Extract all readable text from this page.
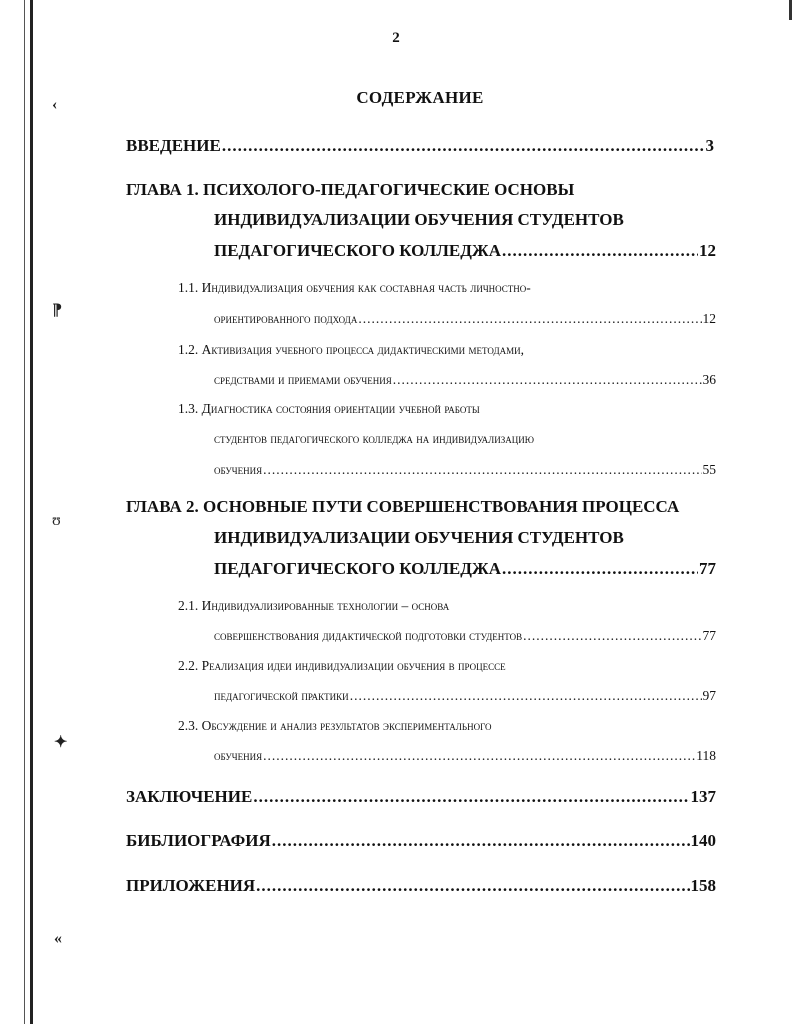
‹
⁋
ʊ
✦
«
2
СОДЕРЖАНИЕ
ВВЕДЕНИЕ .....	3
ГЛАВА 1. ПСИХОЛОГО-ПЕДАГОГИЧЕСКИЕ ОСНОВЫ
ИНДИВИДУАЛИЗАЦИИ ОБУЧЕНИЯ СТУДЕНТОВ
ПЕДАГОГИЧЕСКОГО КОЛЛЕДЖА .....	12
1.1. Индивидуализация обучения как составная часть личностно-
ориентированного подхода .....	12
1.2. Активизация учебного процесса дидактическими методами,
средствами и приемами обучения .....	36
1.3. Диагностика состояния ориентации учебной работы
студентов педагогического колледжа на индивидуализацию
обучения .....	55
ГЛАВА 2. ОСНОВНЫЕ ПУТИ СОВЕРШЕНСТВОВАНИЯ ПРОЦЕССА
ИНДИВИДУАЛИЗАЦИИ ОБУЧЕНИЯ СТУДЕНТОВ
ПЕДАГОГИЧЕСКОГО КОЛЛЕДЖА .....	77
2.1. Индивидуализированные технологии – основа
совершенствования дидактической подготовки студентов .....	77
2.2. Реализация идеи индивидуализации обучения в процессе
педагогической практики .....	97
2.3. Обсуждение и анализ результатов экспериментального
обучения .....	118
ЗАКЛЮЧЕНИЕ .....	137
БИБЛИОГРАФИЯ .....	140
ПРИЛОЖЕНИЯ .....	158
